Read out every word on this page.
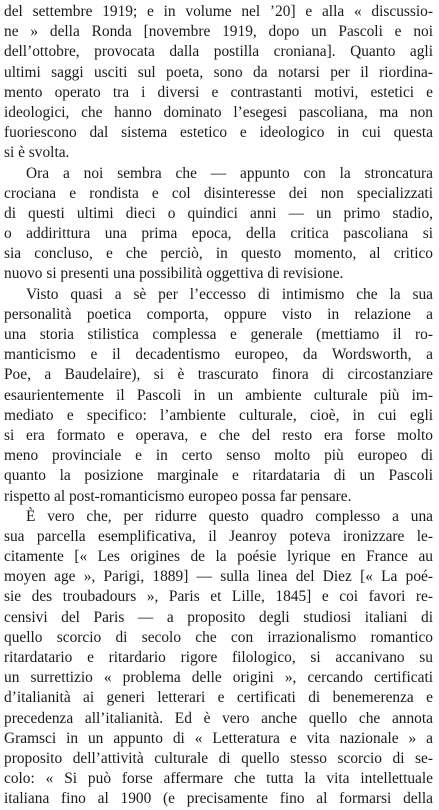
del settembre 1919; e in volume nel ’20] e alla « discussio-
ne » della Ronda [novembre 1919, dopo un Pascoli e noi
dell’ottobre, provocata dalla postilla croniana]. Quanto agli
ultimi saggi usciti sul poeta, sono da notarsi per il riordina-
mento operato tra i diversi e contrastanti motivi, estetici e
ideologici, che hanno dominato l’esegesi pascoliana, ma non
fuoriescono dal sistema estetico e ideologico in cui questa
si è svolta.
Ora a noi sembra che — appunto con la stroncatura
crociana e rondista e col disinteresse dei non specializzati
di questi ultimi dieci o quindici anni — un primo stadio,
o addirittura una prima epoca, della critica pascoliana si
sia concluso, e che perciò, in questo momento, al critico
nuovo si presenti una possibilità oggettiva di revisione.
Visto quasi a sè per l’eccesso di intimismo che la sua
personalità poetica comporta, oppure visto in relazione a
una storia stilistica complessa e generale (mettiamo il ro-
manticismo e il decadentismo europeo, da Wordsworth, a
Poe, a Baudelaire), si è trascurato finora di circostanziare
esaurientemente il Pascoli in un ambiente culturale più im-
mediato e specifico: l’ambiente culturale, cioè, in cui egli
si era formato e operava, e che del resto era forse molto
meno provinciale e in certo senso molto più europeo di
quanto la posizione marginale e ritardataria di un Pascoli
rispetto al post-romanticismo europeo possa far pensare.
È vero che, per ridurre questo quadro complesso a una
sua parcella esemplificativa, il Jeanroy poteva ironizzare le-
citamente [« Les origines de la poésie lyrique en France au
moyen age », Parigi, 1889] — sulla linea del Diez [« La poé-
sie des troubadours », Paris et Lille, 1845] e coi favori re-
censivi del Paris — a proposito degli studiosi italiani di
quello scorcio di secolo che con irrazionalismo romantico
ritardatario e ritardario rigore filologico, si accanivano su
un surrettizio « problema delle origini », cercando certificati
d’italianità ai generi letterari e certificati di benemerenza e
precedenza all’italianità. Ed è vero anche quello che annota
Gramsci in un appunto di « Letteratura e vita nazionale » a
proposito dell’attività culturale di quello stesso scorcio di se-
colo: « Si può forse affermare che tutta la vita intellettuale
italiana fino al 1900 (e precisamente fino al formarsi della
